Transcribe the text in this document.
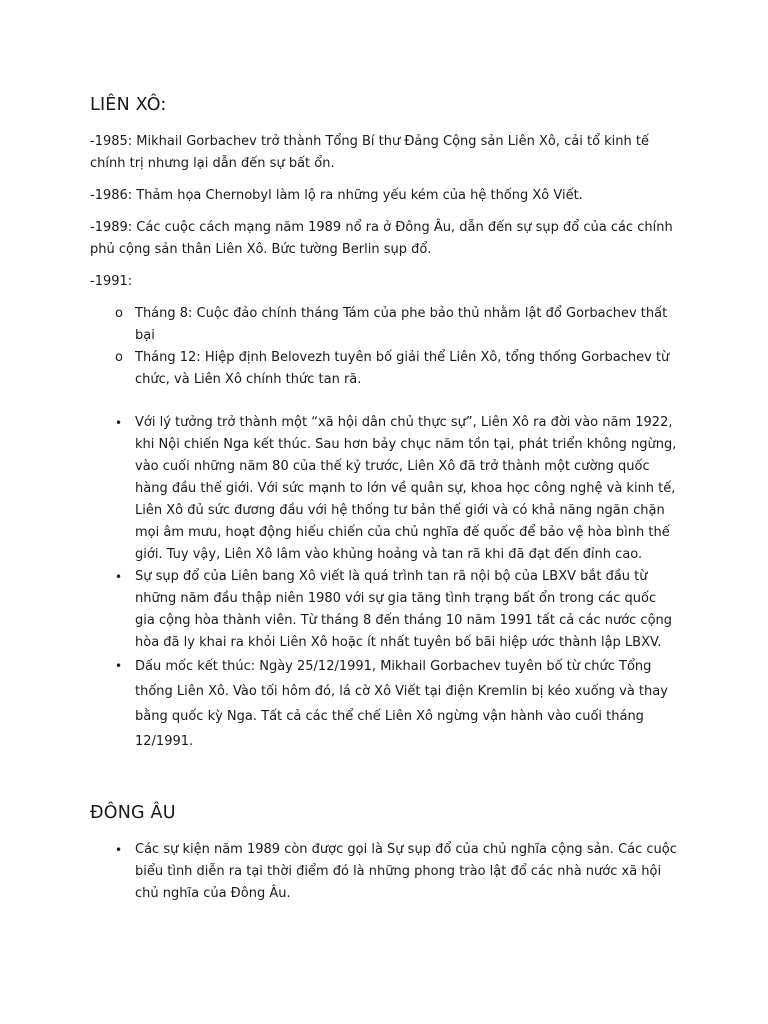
LIÊN XÔ:

-1985: Mikhail Gorbachev trở thành Tổng Bí thư Đảng Cộng sản Liên Xô, cải tổ kinh tế chính trị nhưng lại dẫn đến sự bất ổn.

-1986: Thảm họa Chernobyl làm lộ ra những yếu kém của hệ thống Xô Viết.

-1989: Các cuộc cách mạng năm 1989 nổ ra ở Đông Âu, dẫn đến sự sụp đổ của các chính phủ cộng sản thân Liên Xô. Bức tường Berlin sụp đổ.

-1991:

o Tháng 8: Cuộc đảo chính tháng Tám của phe bảo thủ nhằm lật đổ Gorbachev thất bại
o Tháng 12: Hiệp định Belovezh tuyên bố giải thể Liên Xô, tổng thống Gorbachev từ chức, và Liên Xô chính thức tan rã.
• Với lý tưởng trở thành một “xã hội dân chủ thực sự”, Liên Xô ra đời vào năm 1922, khi Nội chiến Nga kết thúc. Sau hơn bảy chục năm tồn tại, phát triển không ngừng, vào cuối những năm 80 của thế kỷ trước, Liên Xô đã trở thành một cường quốc hàng đầu thế giới. Với sức mạnh to lớn về quân sự, khoa học công nghệ và kinh tế, Liên Xô đủ sức đương đầu với hệ thống tư bản thế giới và có khả năng ngăn chặn mọi âm mưu, hoạt động hiếu chiến của chủ nghĩa đế quốc để bảo vệ hòa bình thế giới. Tuy vậy, Liên Xô lâm vào khủng hoảng và tan rã khi đã đạt đến đỉnh cao.
• Sự sụp đổ của Liên bang Xô viết là quá trình tan rã nội bộ của LBXV bắt đầu từ những năm đầu thập niên 1980 với sự gia tăng tình trạng bất ổn trong các quốc gia cộng hòa thành viên. Từ tháng 8 đến tháng 10 năm 1991 tất cả các nước cộng hòa đã ly khai ra khỏi Liên Xô hoặc ít nhất tuyên bố bãi hiệp ước thành lập LBXV.
• Dấu mốc kết thúc: Ngày 25/12/1991, Mikhail Gorbachev tuyên bố từ chức Tổng thống Liên Xô. Vào tối hôm đó, lá cờ Xô Viết tại điện Kremlin bị kéo xuống và thay bằng quốc kỳ Nga. Tất cả các thể chế Liên Xô ngừng vận hành vào cuối tháng 12/1991.
ĐÔNG ÂU
• Các sự kiện năm 1989 còn được gọi là Sự sụp đổ của chủ nghĩa cộng sản. Các cuộc biểu tình diễn ra tại thời điểm đó là những phong trào lật đổ các nhà nước xã hội chủ nghĩa của Đông Âu.
